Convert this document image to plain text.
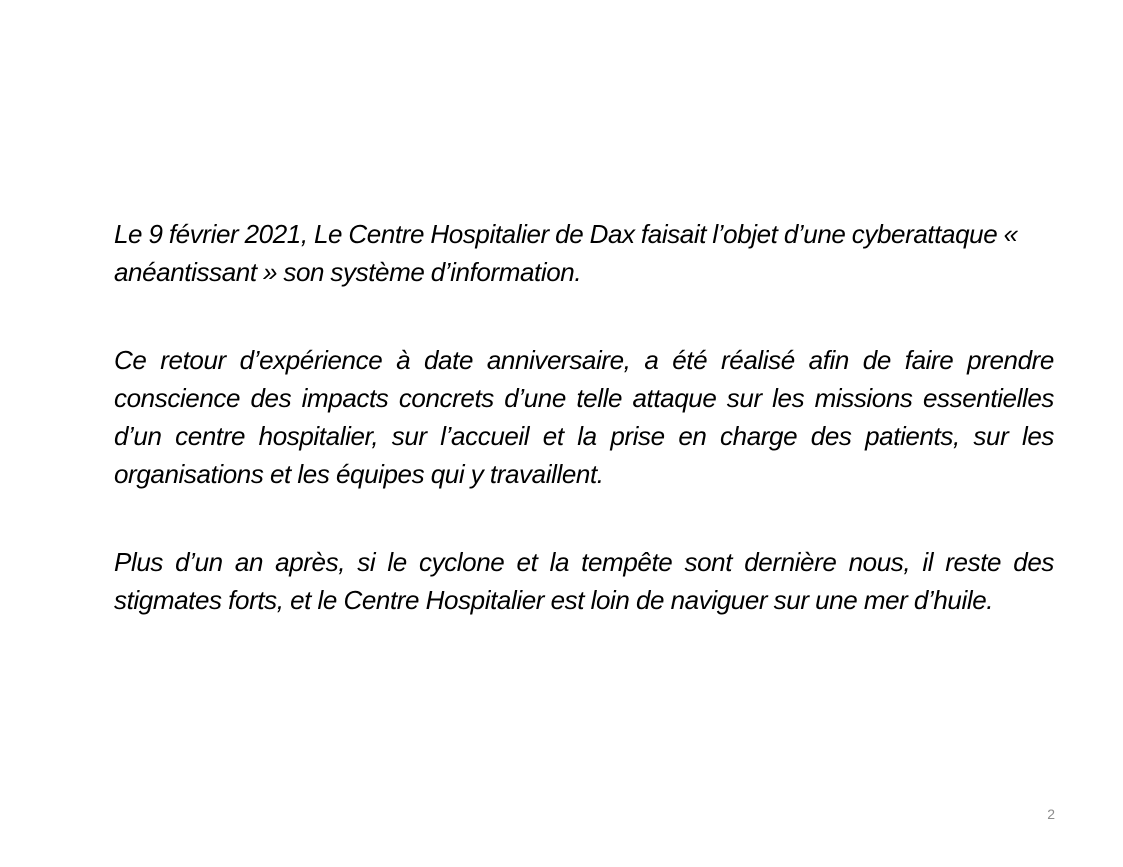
Le 9 février 2021, Le Centre Hospitalier de Dax faisait l’objet d’une cyberattaque « anéantissant » son système d’information.

Ce retour d’expérience à date anniversaire, a été réalisé afin de faire prendre conscience des impacts concrets d’une telle attaque sur les missions essentielles d’un centre hospitalier, sur l’accueil et la prise en charge des patients, sur les organisations et les équipes qui y travaillent.

Plus d’un an après, si le cyclone et la tempête sont dernière nous, il reste des stigmates forts, et le Centre Hospitalier est loin de naviguer sur une mer d’huile.

2
